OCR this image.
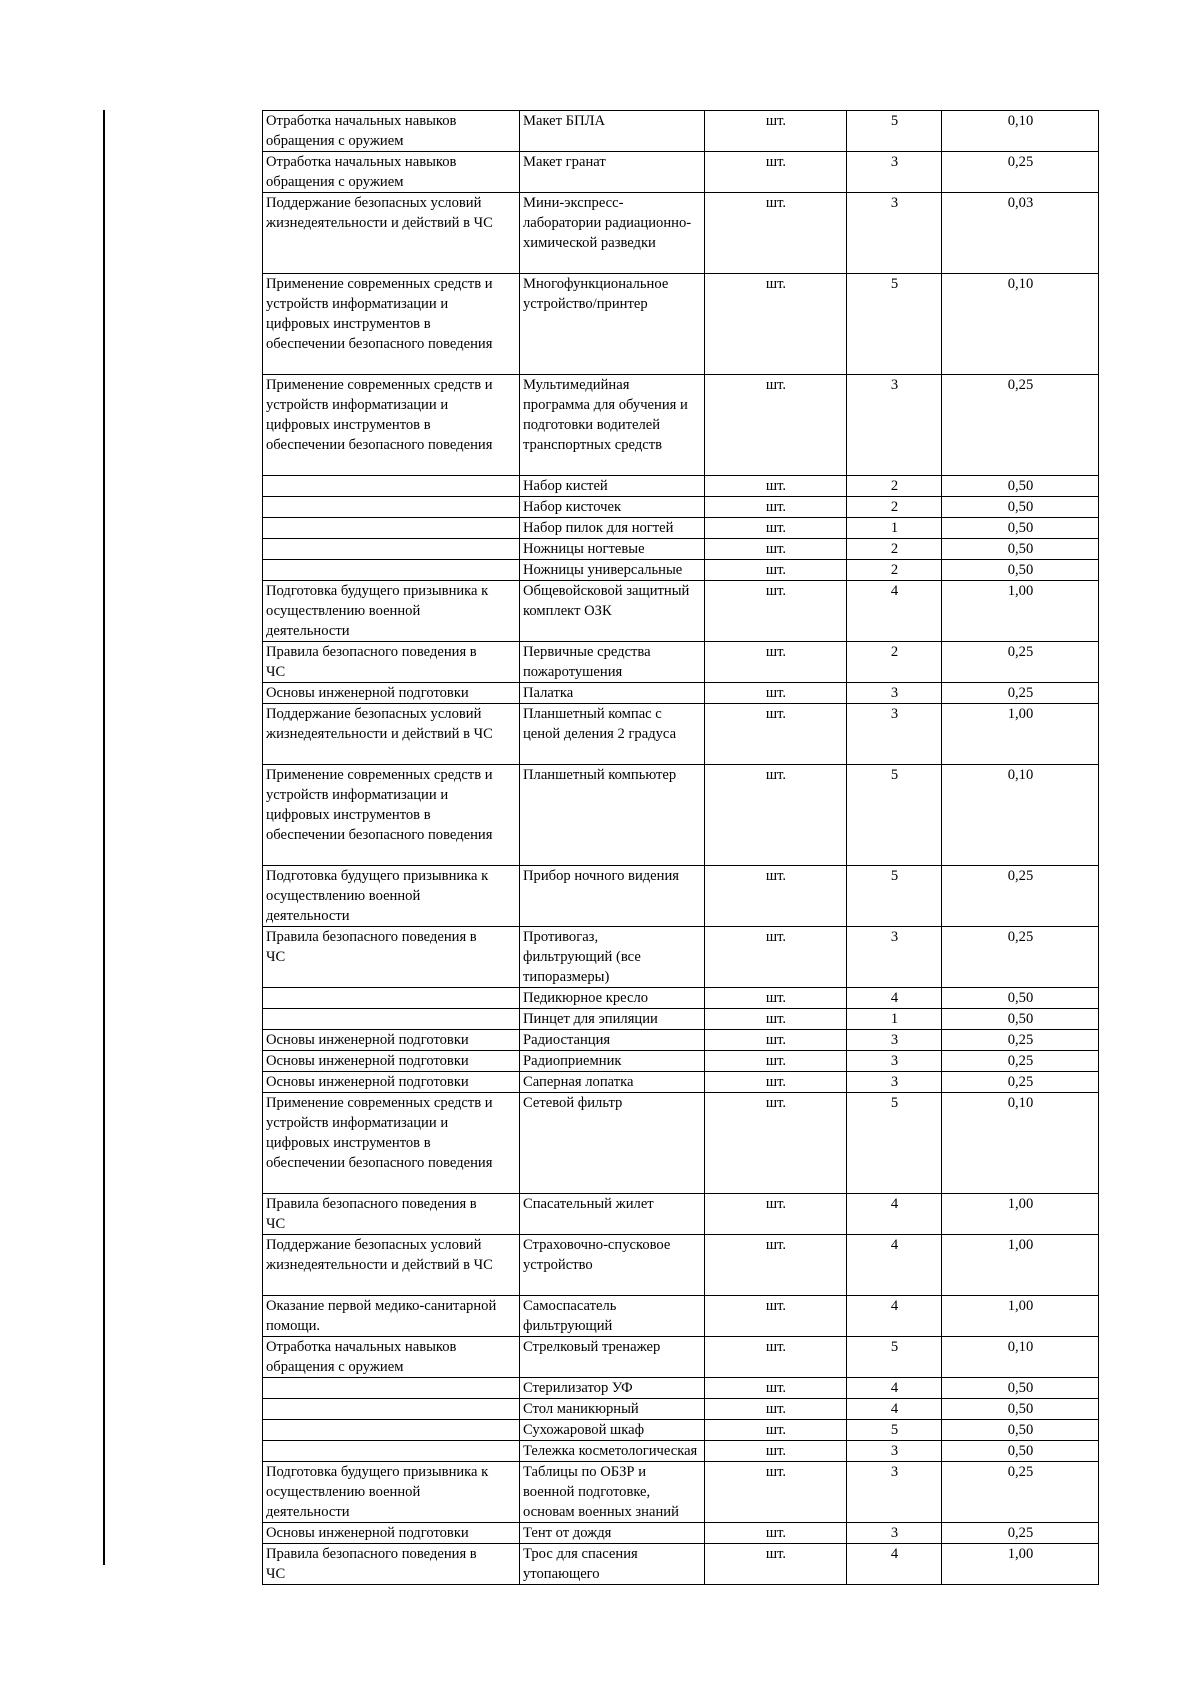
Отработка начальных навыков
обращения с оружием	Макет БПЛА	шт.	5	0,10
Отработка начальных навыков
обращения с оружием	Макет гранат	шт.	3	0,25
Поддержание безопасных условий
жизнедеятельности и действий в ЧС	Мини-экспресс-
лаборатории радиационно-
химической разведки	шт.	3	0,03
Применение современных средств и
устройств информатизации и
цифровых инструментов в
обеспечении безопасного поведения	Многофункциональное
устройство/принтер	шт.	5	0,10
Применение современных средств и
устройств информатизации и
цифровых инструментов в
обеспечении безопасного поведения	Мультимедийная
программа для обучения и
подготовки водителей
транспортных средств	шт.	3	0,25
	Набор кистей	шт.	2	0,50
	Набор кисточек	шт.	2	0,50
	Набор пилок для ногтей	шт.	1	0,50
	Ножницы ногтевые	шт.	2	0,50
	Ножницы универсальные	шт.	2	0,50
Подготовка будущего призывника к
осуществлению военной
деятельности	Общевойсковой защитный
комплект ОЗК	шт.	4	1,00
Правила безопасного поведения в
ЧС	Первичные средства
пожаротушения	шт.	2	0,25
Основы инженерной подготовки	Палатка	шт.	3	0,25
Поддержание безопасных условий
жизнедеятельности и действий в ЧС	Планшетный компас с
ценой деления 2 градуса	шт.	3	1,00
Применение современных средств и
устройств информатизации и
цифровых инструментов в
обеспечении безопасного поведения	Планшетный компьютер	шт.	5	0,10
Подготовка будущего призывника к
осуществлению военной
деятельности	Прибор ночного видения	шт.	5	0,25
Правила безопасного поведения в
ЧС	Противогаз,
фильтрующий (все
типоразмеры)	шт.	3	0,25
	Педикюрное кресло	шт.	4	0,50
	Пинцет для эпиляции	шт.	1	0,50
Основы инженерной подготовки	Радиостанция	шт.	3	0,25
Основы инженерной подготовки	Радиоприемник	шт.	3	0,25
Основы инженерной подготовки	Саперная лопатка	шт.	3	0,25
Применение современных средств и
устройств информатизации и
цифровых инструментов в
обеспечении безопасного поведения	Сетевой фильтр	шт.	5	0,10
Правила безопасного поведения в
ЧС	Спасательный жилет	шт.	4	1,00
Поддержание безопасных условий
жизнедеятельности и действий в ЧС	Страховочно-спусковое
устройство	шт.	4	1,00
Оказание первой медико-санитарной
помощи.	Самоспасатель
фильтрующий	шт.	4	1,00
Отработка начальных навыков
обращения с оружием	Стрелковый тренажер	шт.	5	0,10
	Стерилизатор УФ	шт.	4	0,50
	Стол маникюрный	шт.	4	0,50
	Сухожаровой шкаф	шт.	5	0,50
	Тележка косметологическая	шт.	3	0,50
Подготовка будущего призывника к
осуществлению военной
деятельности	Таблицы по ОБЗР и
военной подготовке,
основам военных знаний	шт.	3	0,25
Основы инженерной подготовки	Тент от дождя	шт.	3	0,25
Правила безопасного поведения в
ЧС	Трос для спасения
утопающего	шт.	4	1,00
